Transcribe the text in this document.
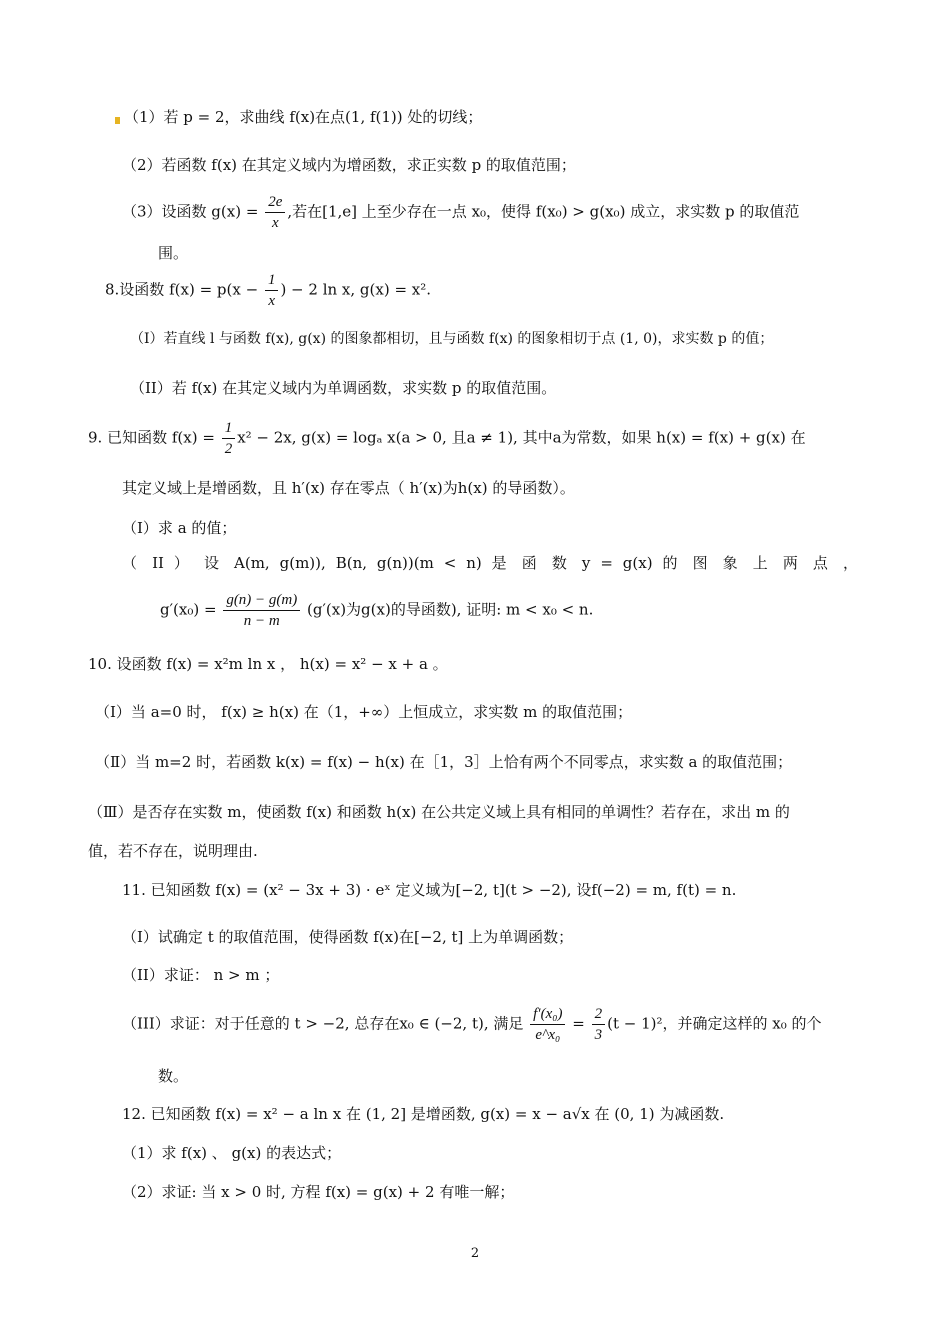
（1）若 p = 2，求曲线 f(x)在点(1, f(1)) 处的切线；
（2）若函数 f(x) 在其定义域内为增函数，求正实数 p 的取值范围；
（3）设函数 $g(x) = \frac{2e}{x}$ ,若在[1,e] 上至少存在一点 x₀，使得 f(x₀) > g(x₀) 成立，求实数 p 的取值范
围。
8.设函数 $f(x) = p(x - \frac{1}{x}$ ) − 2 ln x, g(x) = x².
（I）若直线 l 与函数 f(x), g(x) 的图象都相切，且与函数 f(x) 的图象相切于点 (1, 0)，求实数 p 的值；
（II）若 f(x) 在其定义域内为单调函数，求实数 p 的取值范围。
9. 已知函数 $f(x) = \frac{1}{2} x^2 - 2x$, g(x) = logₐ x(a > 0, 且a ≠ 1), 其中a为常数，如果 h(x) = f(x) + g(x) 在
其定义域上是增函数，且 h′(x) 存在零点（ h′(x)为h(x) 的导函数）。
（I）求 a 的值；
（ II ） 设 A(m, g(m)), B(n, g(n))(m < n) 是 函 数 y = g(x) 的 图 象 上 两 点 ，
$g'(x_0) = \frac{g(n) - g(m)}{n - m} (g'(x)$为g(x)的导函数), 证明: m < x₀ < n.
10. 设函数 f(x) = x²m ln x ， h(x) = x² − x + a 。
（Ⅰ）当 a=0 时， f(x) ≥ h(x) 在（1，+∞）上恒成立，求实数 m 的取值范围；
（Ⅱ）当 m=2 时，若函数 k(x) = f(x) − h(x) 在［1，3］上恰有两个不同零点，求实数 a 的取值范围；
（Ⅲ）是否存在实数 m，使函数 f(x) 和函数 h(x) 在公共定义域上具有相同的单调性？若存在，求出 m 的
值，若不存在，说明理由.
11. 已知函数 f(x) = (x² − 3x + 3) · eˣ 定义域为[−2, t](t > −2), 设f(−2) = m, f(t) = n.
（I）试确定 t 的取值范围，使得函数 f(x)在[−2, t] 上为单调函数；
（II）求证： n > m ；
（III）求证：对于任意的 t > −2, 总存在x₀ ∈ (−2, t), 满足 $\frac{\text{f′(x₀)}}{\text{e\textasciicircum{}x₀}} = \frac{2}{3} (t - 1)^2$，并确定这样的 x₀ 的个
数。
12. 已知函数 f(x) = x² − a ln x 在 (1, 2] 是增函数, g(x) = x − a√x 在 (0, 1) 为减函数.
（1）求 f(x) 、 g(x) 的表达式；
（2）求证: 当 x > 0 时, 方程 f(x) = g(x) + 2 有唯一解；
2
